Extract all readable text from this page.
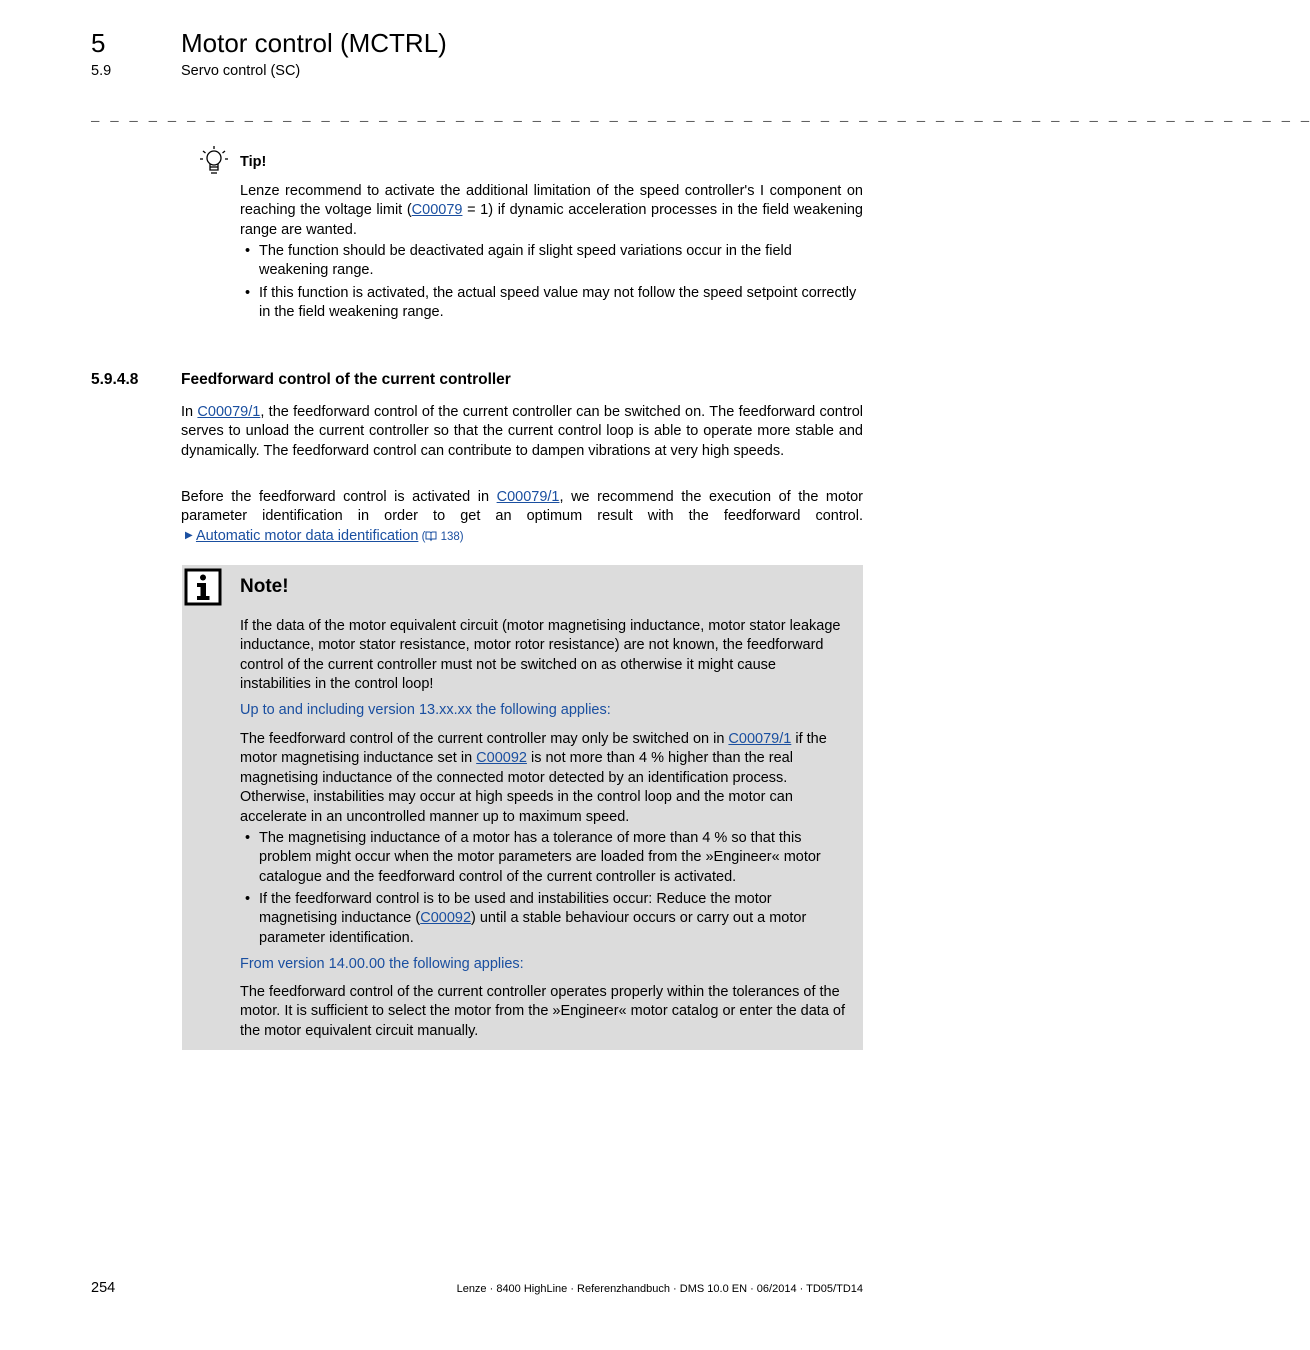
5	Motor control (MCTRL)
5.9	Servo control (SC)
_ _ _ _ _ _ _ _ _ _ _ _ _ _ _ _ _ _ _ _ _ _ _ _ _ _ _ _ _ _ _ _ _ _ _ _ _ _ _ _ _ _ _ _ _ _ _ _ _ _ _ _ _ _ _ _ _ _ _ _ _ _ _ _
Tip!

Lenze recommend to activate the additional limitation of the speed controller's I component on reaching the voltage limit (C00079 = 1) if dynamic acceleration processes in the field weakening range are wanted.

• The function should be deactivated again if slight speed variations occur in the field weakening range.
• If this function is activated, the actual speed value may not follow the speed setpoint correctly in the field weakening range.
5.9.4.8	Feedforward control of the current controller

In C00079/1, the feedforward control of the current controller can be switched on. The feedforward control serves to unload the current controller so that the current control loop is able to operate more stable and dynamically. The feedforward control can contribute to dampen vibrations at very high speeds.

Before the feedforward control is activated in C00079/1, we recommend the execution of the motor parameter identification in order to get an optimum result with the feedforward control.

▶ Automatic motor data identification ( 138)
Note!

If the data of the motor equivalent circuit (motor magnetising inductance, motor stator leakage inductance, motor stator resistance, motor rotor resistance) are not known, the feedforward control of the current controller must not be switched on as otherwise it might cause instabilities in the control loop!

Up to and including version 13.xx.xx the following applies:

The feedforward control of the current controller may only be switched on in C00079/1 if the motor magnetising inductance set in C00092 is not more than 4 % higher than the real magnetising inductance of the connected motor detected by an identification process. Otherwise, instabilities may occur at high speeds in the control loop and the motor can accelerate in an uncontrolled manner up to maximum speed.

• The magnetising inductance of a motor has a tolerance of more than 4 % so that this problem might occur when the motor parameters are loaded from the »Engineer« motor catalogue and the feedforward control of the current controller is activated.
• If the feedforward control is to be used and instabilities occur: Reduce the motor magnetising inductance (C00092) until a stable behaviour occurs or carry out a motor parameter identification.
From version 14.00.00 the following applies:

The feedforward control of the current controller operates properly within the tolerances of the motor. It is sufficient to select the motor from the »Engineer« motor catalog or enter the data of the motor equivalent circuit manually.

254	Lenze · 8400 HighLine · Referenzhandbuch · DMS 10.0 EN · 06/2014 · TD05/TD14
